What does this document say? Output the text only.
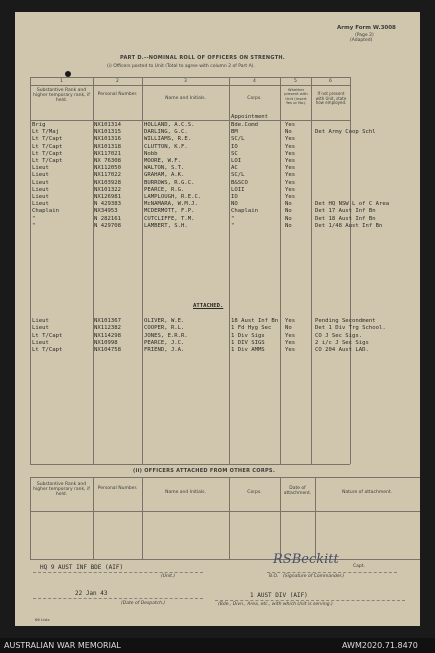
Army Form W.3008
(Page 2)
(Adapted)
PART D.--NOMINAL ROLL OF OFFICERS ON STRENGTH.
(i) Officers posted to Unit (Total to agree with column 2 of Part A).
1	2	3	4	5	6
Substantive Rank and higher temporary rank, if held.
Personal Number.
Name and Initials.	Corps.
Whether present with Unit (insert Yes or No).
If not present with Unit, state how employed.
Appointment
Brig	NX101314	HOLLAND, A.C.S.	Bde.Comd	Yes
Lt T/Maj	NX101315	DARLING, G.C.	BM	No	Det Army Coop Schl
Lt T/Capt	NX101316	WILLIAMS, R.E.	SC/L	Yes
Lt T/Capt	NX101318	CLUTTON, K.F.	IO	Yes
Lt T/Capt	NX117021	Nobb	SC	Yes
Lt T/Capt	NX 76308	MOORE, W.F.	LOI	Yes
Lieut	NX112050	WALTON, S.T.	AC	Yes
Lieut	NX117022	GRAHAM, A.K.	SC/L	Yes
Lieut	NX103928	BURROWS, R.G.C.	B&SCO	Yes
Lieut	NX101322	PEARCE, R.G.	LOII	Yes
Lieut	NX126981	LAMPLOUGH, R.E.C.	IO	Yes
Lieut	N 429383	McNAMARA, W.M.J.	NO	No	Det HQ NSW L of C Area
Chaplain	NX34953	MCDERMOTT, F.P.	Chaplain	No	Det 17 Aust Inf Bn
"	N 282161	CUTCLIFFE, T.M.	"	No	Det 18 Aust Inf Bn
"	N 429708	LAMBERT, S.H.	"	No	Det 1/48 Aust Inf Bn
ATTACHED.
Lieut	NX101367	OLIVER, W.E.	18 Aust Inf Bn Yes	Pending Secondment
Lieut	NX112382	COOPER, R.L.	1 Fd Hyg Sec No	Det 1 Div Trg School.
Lt T/Capt	NX114298	JONES, E.R.R.	1 Div Sigs	Yes	CO J Sec Sigs.
Lieut	NX10998	PEARCE, J.C.	1 DIV SIGS	Yes	2 i/c J Sec Sigs
Lt T/Capt	NX104758	FRIEND, J.A.	1 Div AMMS	Yes	CO 204 Aust LAD.
(ii) OFFICERS ATTACHED FROM OTHER CORPS.
Substantive Rank and higher temporary rank, if held.
Personal Number.
Name and Initials.	Corps.
Date of attachment.	Nature of attachment.
HQ 9 AUST INF BDE (AIF)
(Unit.)
RSBeckitt	Capt.
B.O. (Signature of Commander.)
22 Jan 43
(Date of Despatch.)
1 AUST DIV (AIF)
(Bde., Divn., Area, etc., with which Unit is serving.)
66 Lists
AUSTRALIAN WAR MEMORIAL	AWM2020.71.8470
